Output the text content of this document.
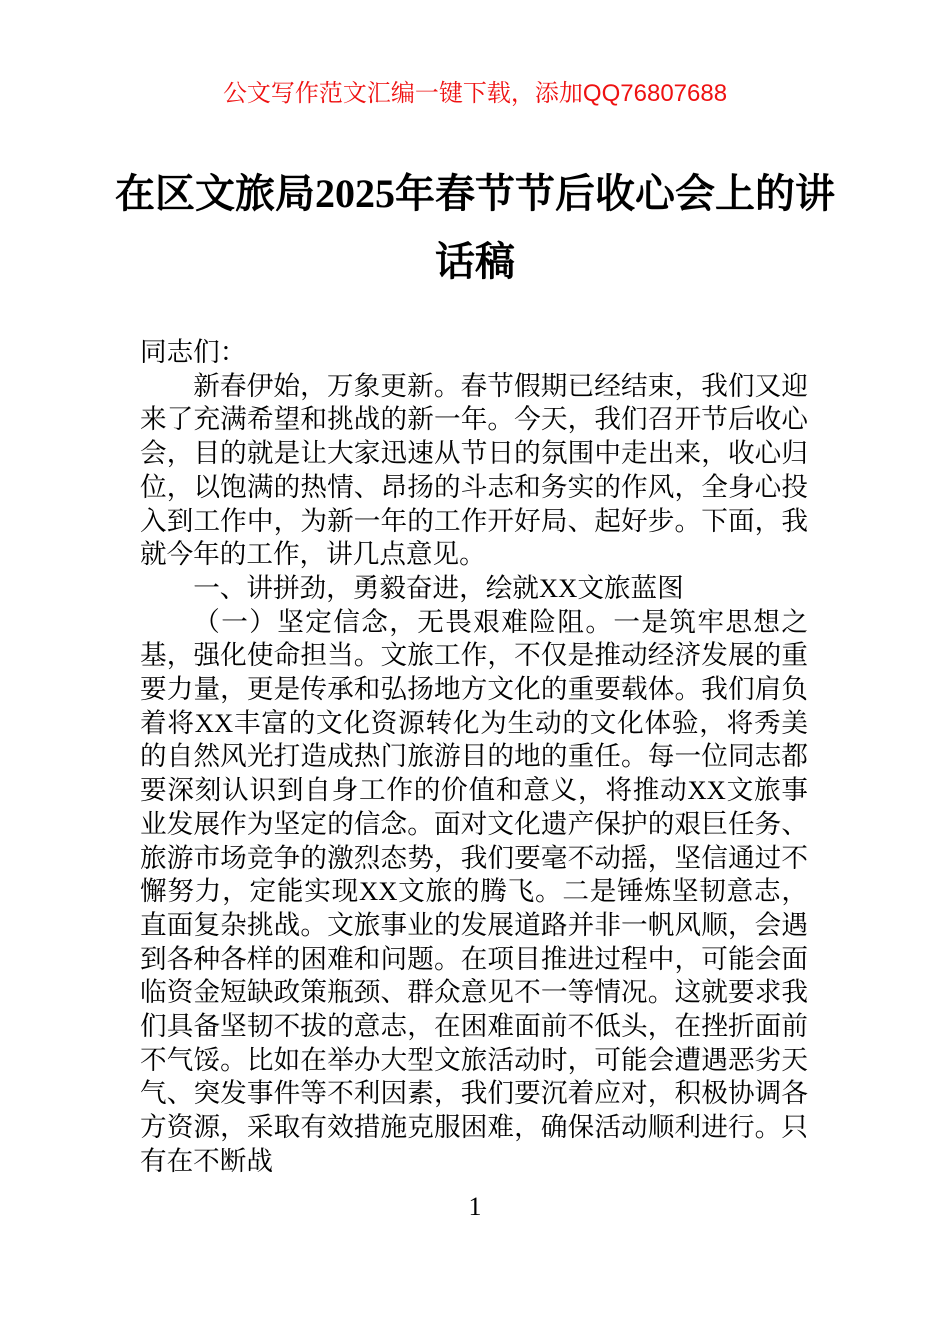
公文写作范文汇编一键下载，添加QQ76807688
在区文旅局2025年春节节后收心会上的讲
话稿

同志们：

新春伊始，万象更新。春节假期已经结束，我们又迎来了充满希望和挑战的新一年。今天，我们召开节后收心会，目的就是让大家迅速从节日的氛围中走出来，收心归位，以饱满的热情、昂扬的斗志和务实的作风，全身心投入到工作中，为新一年的工作开好局、起好步。下面，我就今年的工作，讲几点意见。

一、讲拼劲，勇毅奋进，绘就XX文旅蓝图

（一）坚定信念，无畏艰难险阻。一是筑牢思想之基，强化使命担当。文旅工作，不仅是推动经济发展的重要力量，更是传承和弘扬地方文化的重要载体。我们肩负着将XX丰富的文化资源转化为生动的文化体验，将秀美的自然风光打造成热门旅游目的地的重任。每一位同志都要深刻认识到自身工作的价值和意义，将推动XX文旅事业发展作为坚定的信念。面对文化遗产保护的艰巨任务、旅游市场竞争的激烈态势，我们要毫不动摇，坚信通过不懈努力，定能实现XX文旅的腾飞。二是锤炼坚韧意志，直面复杂挑战。文旅事业的发展道路并非一帆风顺，会遇到各种各样的困难和问题。在项目推进过程中，可能会面临资金短缺政策瓶颈、群众意见不一等情况。这就要求我们具备坚韧不拔的意志，在困难面前不低头，在挫折面前不气馁。比如在举办大型文旅活动时，可能会遭遇恶劣天气、突发事件等不利因素，我们要沉着应对，积极协调各方资源，采取有效措施克服困难，确保活动顺利进行。只有在不断战

1
